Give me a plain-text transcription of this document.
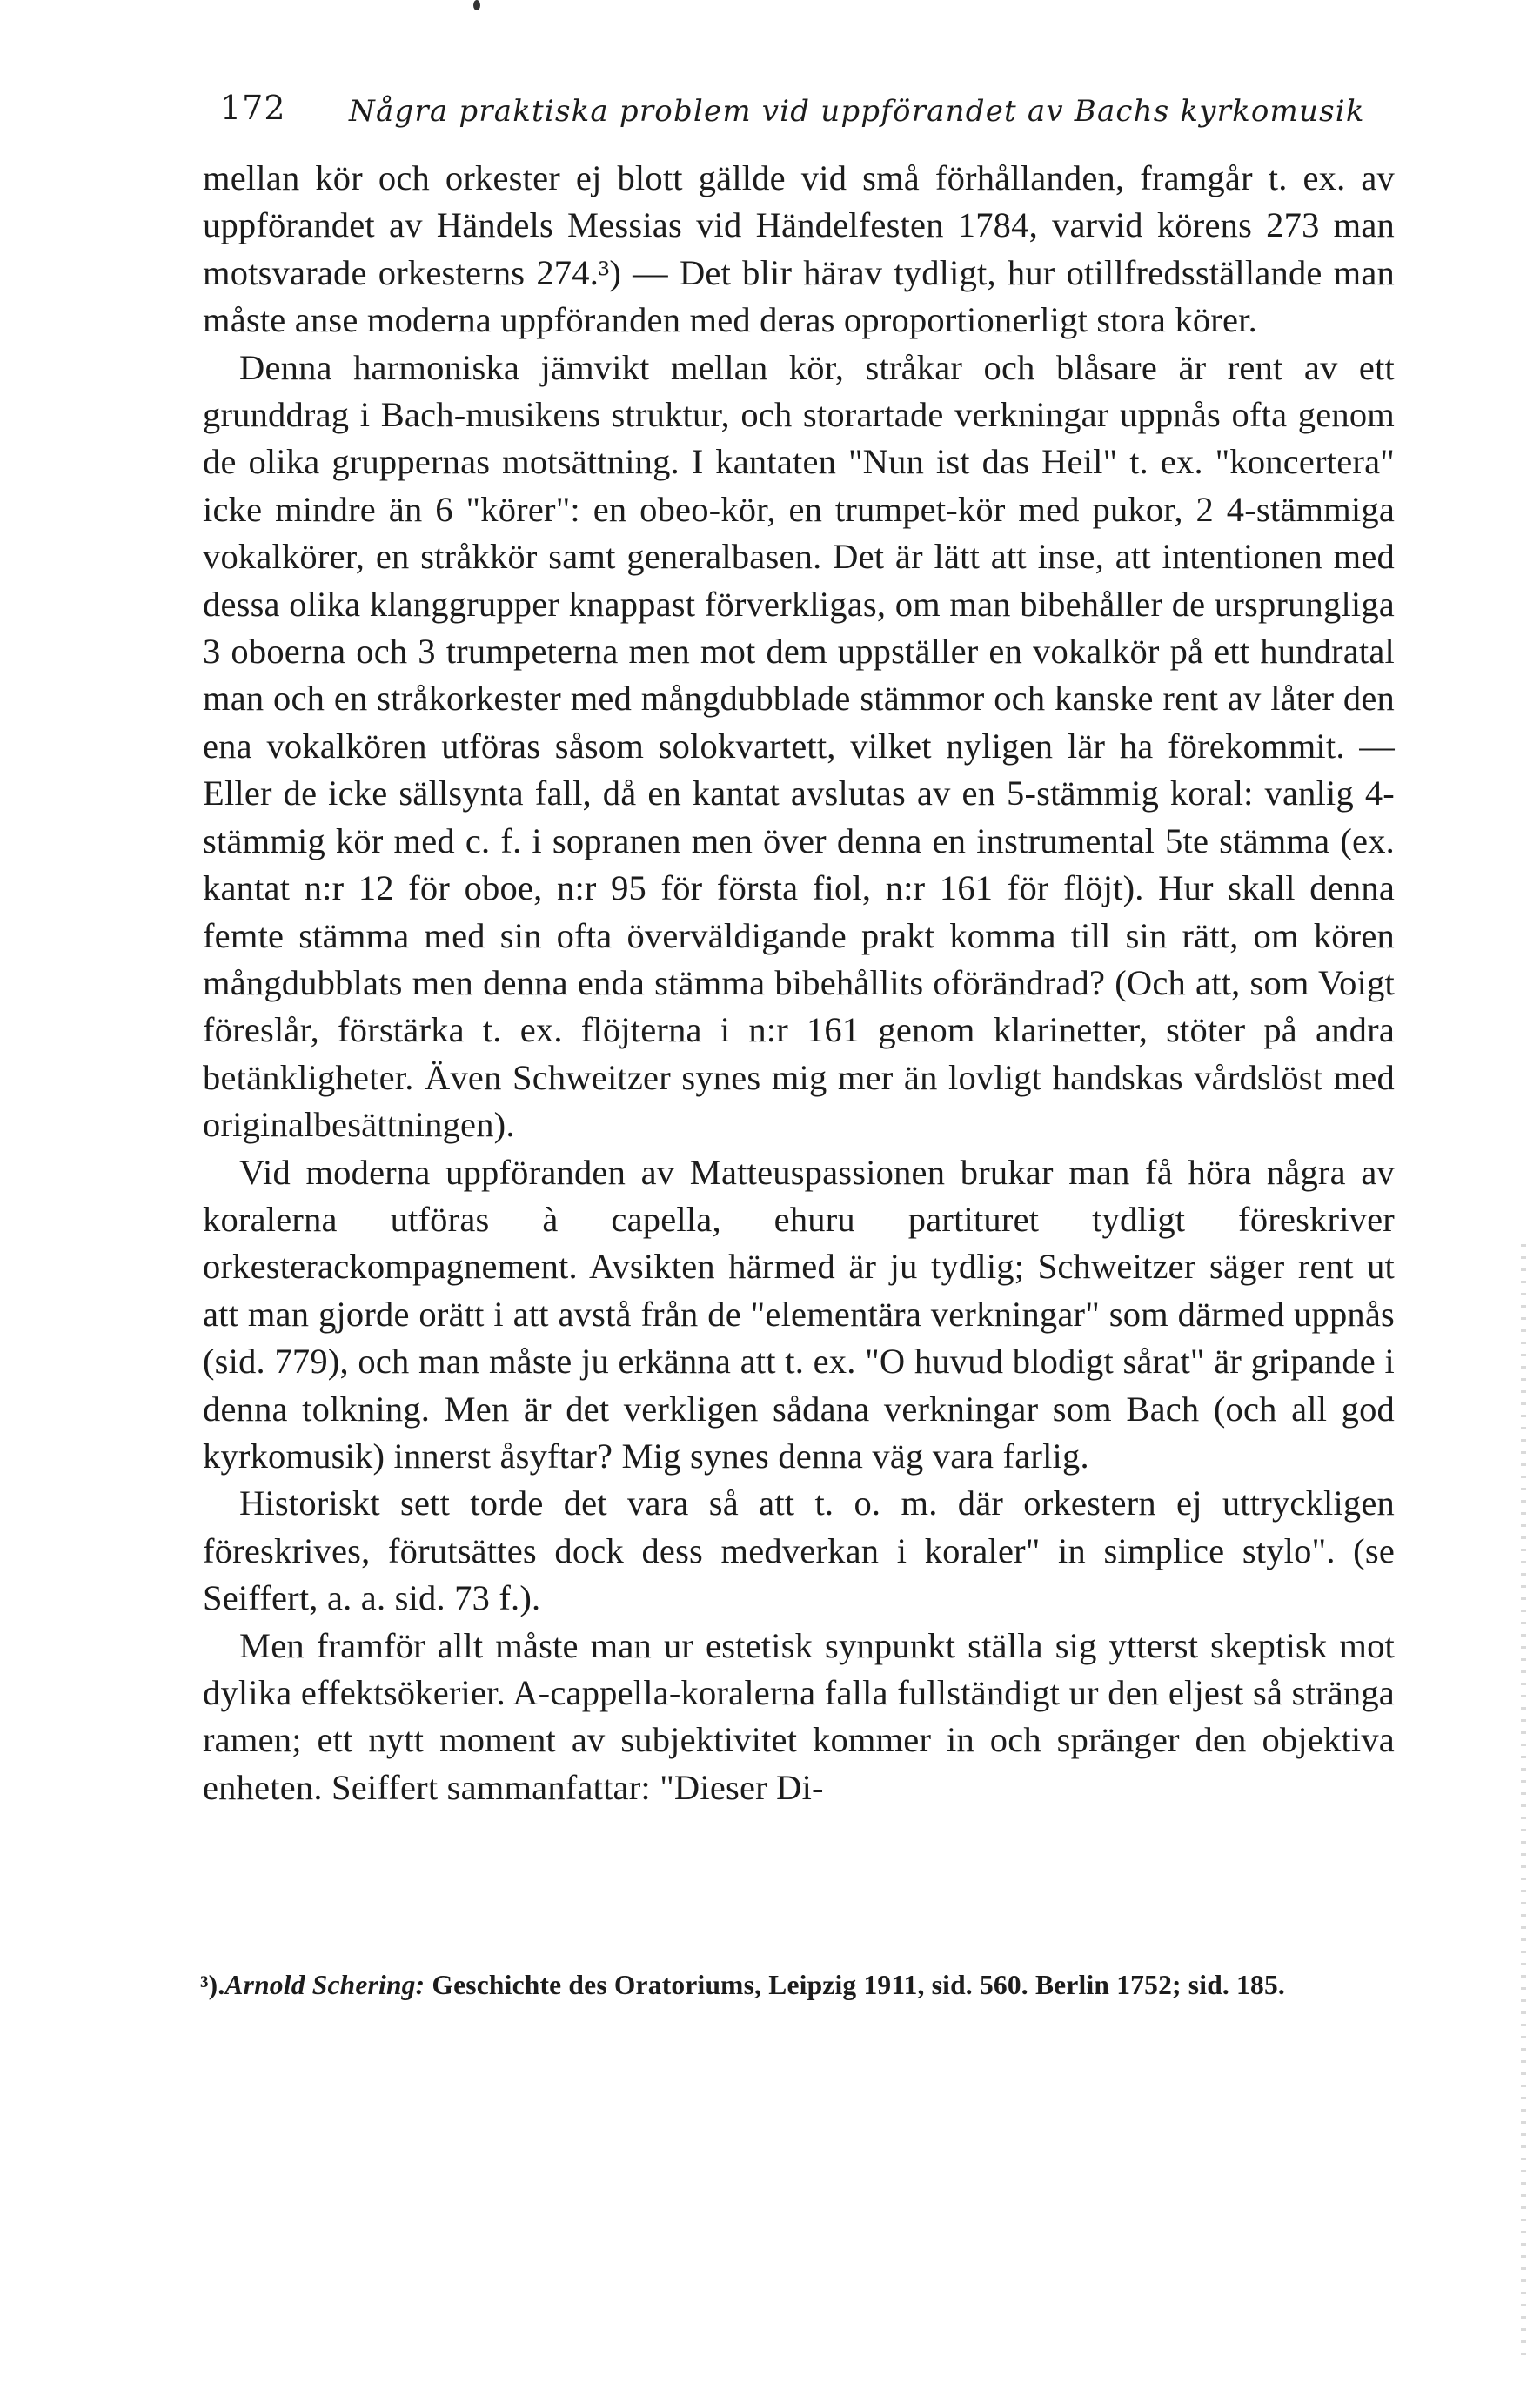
172 Några praktiska problem vid uppförandet av Bachs kyrkomusik

mellan kör och orkester ej blott gällde vid små förhållanden, framgår t. ex. av uppförandet av Händels Messias vid Händelfesten 1784, varvid körens 273 man motsvarade orkesterns 274.³) — Det blir härav tydligt, hur otillfredsställande man måste anse moderna uppföranden med deras oproportionerligt stora körer.

Denna harmoniska jämvikt mellan kör, stråkar och blåsare är rent av ett grunddrag i Bach-musikens struktur, och storartade verkningar uppnås ofta genom de olika gruppernas motsättning. I kantaten "Nun ist das Heil" t. ex. "koncertera" icke mindre än 6 "körer": en obeo-kör, en trumpet-kör med pukor, 2 4-stämmiga vokalkörer, en stråkkör samt generalbasen. Det är lätt att inse, att intentionen med dessa olika klanggrupper knappast förverkligas, om man bibehåller de ursprungliga 3 oboerna och 3 trumpeterna men mot dem uppställer en vokalkör på ett hundratal man och en stråkorkester med mångdubblade stämmor och kanske rent av låter den ena vokalkören utföras såsom solokvartett, vilket nyligen lär ha förekommit. — Eller de icke sällsynta fall, då en kantat avslutas av en 5-stämmig koral: vanlig 4-stämmig kör med c. f. i sopranen men över denna en instrumental 5te stämma (ex. kantat n:r 12 för oboe, n:r 95 för första fiol, n:r 161 för flöjt). Hur skall denna femte stämma med sin ofta överväldigande prakt komma till sin rätt, om kören mångdubblats men denna enda stämma bibehållits oförändrad? (Och att, som Voigt föreslår, förstärka t. ex. flöjterna i n:r 161 genom klarinetter, stöter på andra betänkligheter. Även Schweitzer synes mig mer än lovligt handskas vårdslöst med originalbesättningen).

Vid moderna uppföranden av Matteuspassionen brukar man få höra några av koralerna utföras à capella, ehuru partituret tydligt föreskriver orkesterackompagnement. Avsikten härmed är ju tydlig; Schweitzer säger rent ut att man gjorde orätt i att avstå från de "elementära verkningar" som därmed uppnås (sid. 779), och man måste ju erkänna att t. ex. "O huvud blodigt sårat" är gripande i denna tolkning. Men är det verkligen sådana verkningar som Bach (och all god kyrkomusik) innerst åsyftar? Mig synes denna väg vara farlig.

Historiskt sett torde det vara så att t. o. m. där orkestern ej uttryckligen föreskrives, förutsättes dock dess medverkan i koraler" in simplice stylo". (se Seiffert, a. a. sid. 73 f.).

Men framför allt måste man ur estetisk synpunkt ställa sig ytterst skeptisk mot dylika effektsökerier. A-cappella-koralerna falla fullständigt ur den eljest så stränga ramen; ett nytt moment av subjektivitet kommer in och spränger den objektiva enheten. Seiffert sammanfattar: "Dieser Di-

³).Arnold Schering: Geschichte des Oratoriums, Leipzig 1911, sid. 560. Berlin 1752; sid. 185.
